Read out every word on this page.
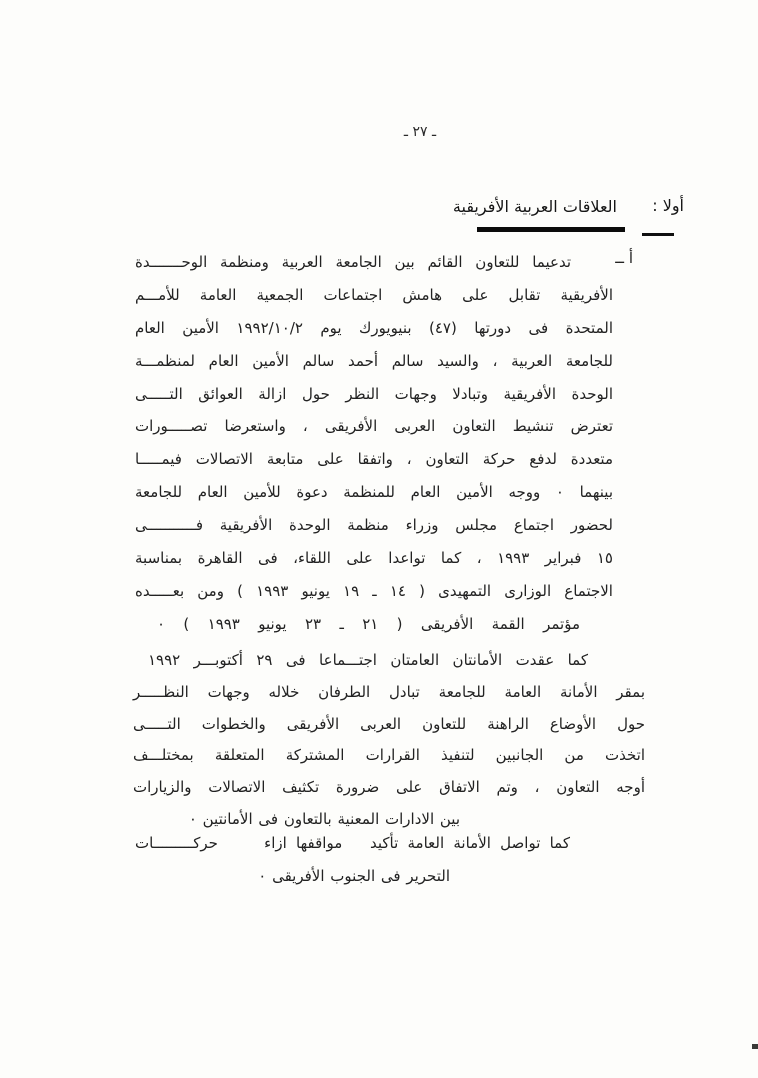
ـ ٢٧ ـ
أولا :
العلاقات العربية الأفريقية
أ ــ
تدعيما للتعاون القائم بين الجامعة العربية ومنظمة الوحـــــــدة
الأفريقية تقابل على هامش اجتماعات الجمعية العامة للأمـــم
المتحدة فى دورتها (٤٧) بنيويورك يوم ١٩٩٢/١٠/٢ الأمين العام
للجامعة العربية ، والسيد سالم أحمد سالم الأمين العام لمنظمـــة
الوحدة الأفريقية وتبادلا وجهات النظر حول ازالة العوائق التـــــى
تعترض تنشيط التعاون العربى الأفريقى ، واستعرضا تصـــــورات
متعددة لدفع حركة التعاون ، واتفقا على متابعة الاتصالات فيمـــــا
بينهما ٠ ووجه الأمين العام للمنظمة دعوة للأمين العام للجامعة
لحضور اجتماع مجلس وزراء منظمة الوحدة الأفريقية فـــــــــــى
١٥ فبراير ١٩٩٣ ، كما تواعدا على اللقاء، فى القاهرة بمناسبة
الاجتماع الوزارى التمهيدى ( ١٤ ـ ١٩ يونيو ١٩٩٣ ) ومن بعـــــده
مؤتمر القمة الأفريقى ( ٢١ ـ ٢٣ يونيو ١٩٩٣ ) ٠
كما عقدت الأمانتان العامتان اجتـــماعا فى ٢٩ أكتوبـــر ١٩٩٢
بمقر الأمانة العامة للجامعة تبادل الطرفان خلاله وجهات النظـــــر
حول الأوضاع الراهنة للتعاون العربى الأفريقى والخطوات التـــــى
اتخذت من الجانبين لتنفيذ القرارات المشتركة المتعلقة بمختلـــف
أوجه التعاون ، وتم الاتفاق على ضرورة تكثيف الاتصالات والزيارات
بين الادارات المعنية بالتعاون فى الأمانتين ٠
كما تواصل الأمانة العامة تأكيد   مواقفها ازاء     حركـــــــــات
التحرير فى الجنوب الأفريقى ٠
